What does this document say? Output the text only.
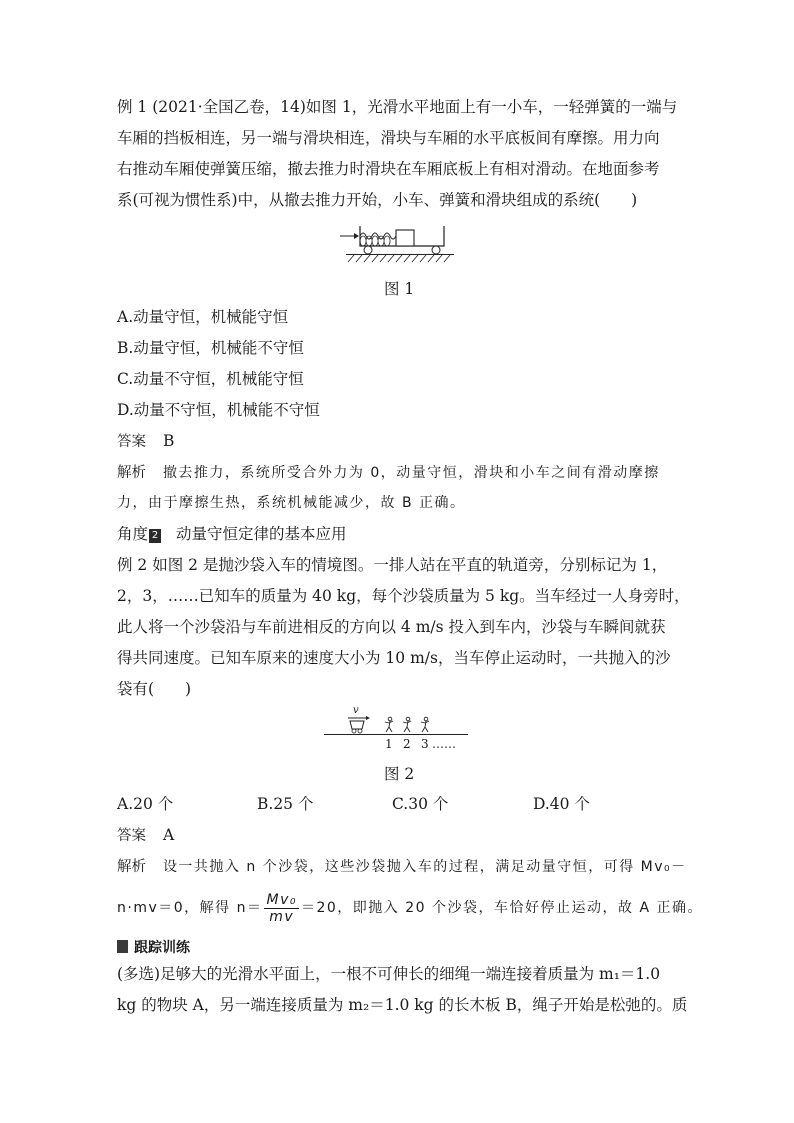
例 1 (2021·全国乙卷，14)如图 1，光滑水平地面上有一小车，一轻弹簧的一端与
车厢的挡板相连，另一端与滑块相连，滑块与车厢的水平底板间有摩擦。用力向
右推动车厢使弹簧压缩，撤去推力时滑块在车厢底板上有相对滑动。在地面参考
系(可视为惯性系)中，从撤去推力开始，小车、弹簧和滑块组成的系统(　　)
图 1
A.动量守恒，机械能守恒
B.动量守恒，机械能不守恒
C.动量不守恒，机械能守恒
D.动量不守恒，机械能不守恒
答案 B
解析 撤去推力，系统所受合外力为 0，动量守恒，滑块和小车之间有滑动摩擦
力，由于摩擦生热，系统机械能减少，故 B 正确。
角度 2 动量守恒定律的基本应用
例 2 如图 2 是抛沙袋入车的情境图。一排人站在平直的轨道旁，分别标记为 1，
2，3，……已知车的质量为 40 kg，每个沙袋质量为 5 kg。当车经过一人身旁时，
此人将一个沙袋沿与车前进相反的方向以 4 m/s 投入到车内，沙袋与车瞬间就获
得共同速度。已知车原来的速度大小为 10 m/s，当车停止运动时，一共抛入的沙
袋有(　　)
v
1 2 3 ……
图 2
A.20 个	B.25 个	C.30 个	D.40 个
答案 A
解析 设一共抛入 n 个沙袋，这些沙袋抛入车的过程，满足动量守恒，可得 Mv₀－
n·mv＝0，解得 $n= \frac{\text{Mv₀}}{mv} =20$，即抛入 20 个沙袋，车恰好停止运动，故 A 正确。
跟踪训练
(多选)足够大的光滑水平面上，一根不可伸长的细绳一端连接着质量为 m₁＝1.0
kg 的物块 A，另一端连接质量为 m₂＝1.0 kg 的长木板 B，绳子开始是松弛的。质
